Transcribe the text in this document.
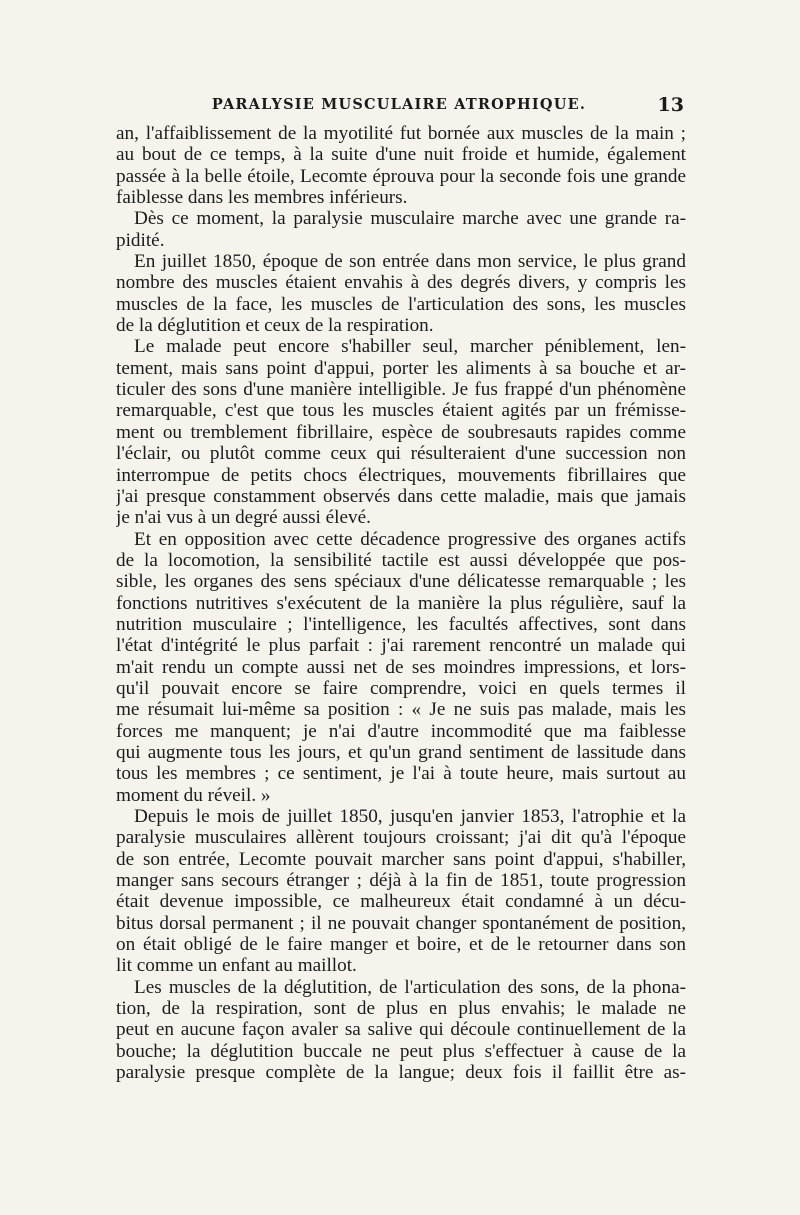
PARALYSIE MUSCULAIRE ATROPHIQUE.	13
an, l'affaiblissement de la myotilité fut bornée aux muscles de la main ;
au bout de ce temps, à la suite d'une nuit froide et humide, également
passée à la belle étoile, Lecomte éprouva pour la seconde fois une grande
faiblesse dans les membres inférieurs.
Dès ce moment, la paralysie musculaire marche avec une grande ra-
pidité.
En juillet 1850, époque de son entrée dans mon service, le plus grand
nombre des muscles étaient envahis à des degrés divers, y compris les
muscles de la face, les muscles de l'articulation des sons, les muscles
de la déglutition et ceux de la respiration.
Le malade peut encore s'habiller seul, marcher péniblement, len-
tement, mais sans point d'appui, porter les aliments à sa bouche et ar-
ticuler des sons d'une manière intelligible. Je fus frappé d'un phénomène
remarquable, c'est que tous les muscles étaient agités par un frémisse-
ment ou tremblement fibrillaire, espèce de soubresauts rapides comme
l'éclair, ou plutôt comme ceux qui résulteraient d'une succession non
interrompue de petits chocs électriques, mouvements fibrillaires que
j'ai presque constamment observés dans cette maladie, mais que jamais
je n'ai vus à un degré aussi élevé.
Et en opposition avec cette décadence progressive des organes actifs
de la locomotion, la sensibilité tactile est aussi développée que pos-
sible, les organes des sens spéciaux d'une délicatesse remarquable ; les
fonctions nutritives s'exécutent de la manière la plus régulière, sauf la
nutrition musculaire ; l'intelligence, les facultés affectives, sont dans
l'état d'intégrité le plus parfait : j'ai rarement rencontré un malade qui
m'ait rendu un compte aussi net de ses moindres impressions, et lors-
qu'il pouvait encore se faire comprendre, voici en quels termes il
me résumait lui-même sa position : « Je ne suis pas malade, mais les
forces me manquent; je n'ai d'autre incommodité que ma faiblesse
qui augmente tous les jours, et qu'un grand sentiment de lassitude dans
tous les membres ; ce sentiment, je l'ai à toute heure, mais surtout au
moment du réveil. »
Depuis le mois de juillet 1850, jusqu'en janvier 1853, l'atrophie et la
paralysie musculaires allèrent toujours croissant; j'ai dit qu'à l'époque
de son entrée, Lecomte pouvait marcher sans point d'appui, s'habiller,
manger sans secours étranger ; déjà à la fin de 1851, toute progression
était devenue impossible, ce malheureux était condamné à un décu-
bitus dorsal permanent ; il ne pouvait changer spontanément de position,
on était obligé de le faire manger et boire, et de le retourner dans son
lit comme un enfant au maillot.
Les muscles de la déglutition, de l'articulation des sons, de la phona-
tion, de la respiration, sont de plus en plus envahis; le malade ne
peut en aucune façon avaler sa salive qui découle continuellement de la
bouche; la déglutition buccale ne peut plus s'effectuer à cause de la
paralysie presque complète de la langue; deux fois il faillit être as-
